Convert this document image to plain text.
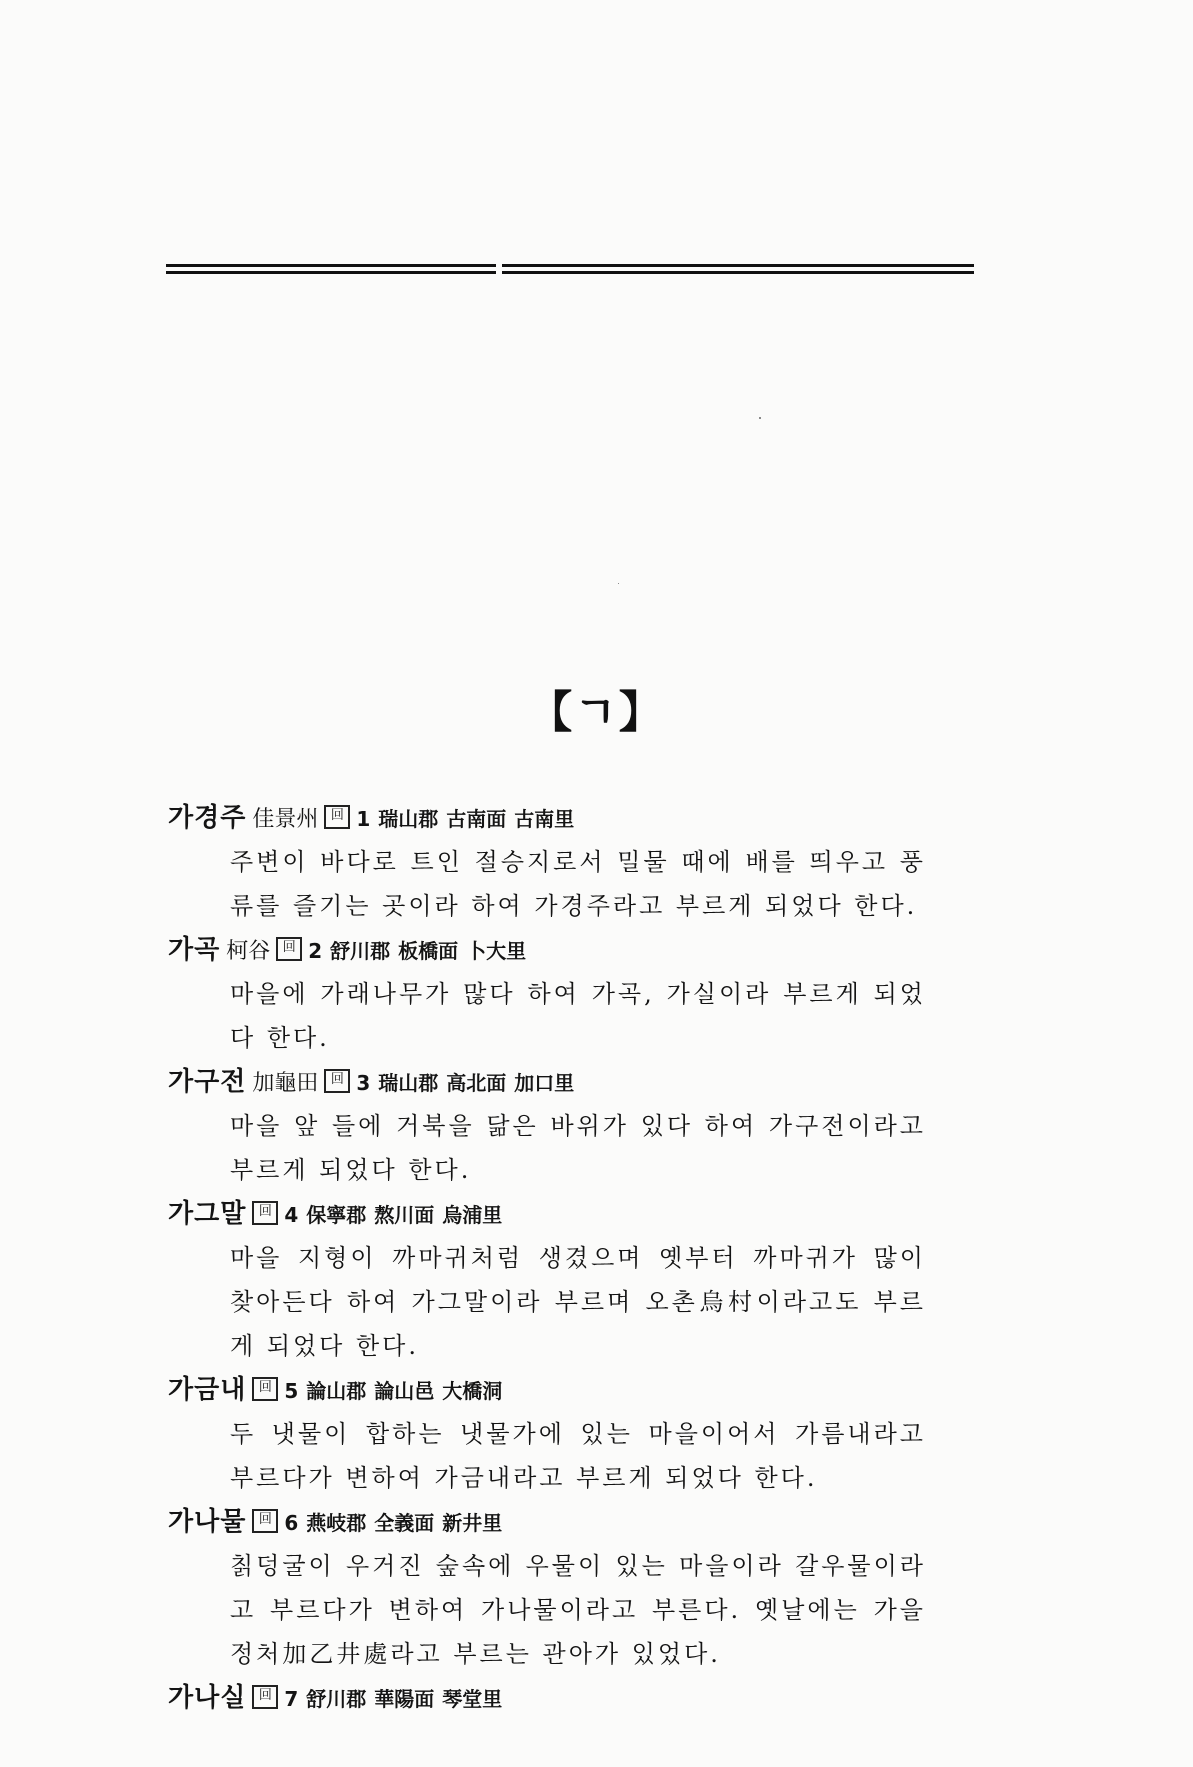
【ㄱ】
가경주 佳景州 回 1 瑞山郡 古南面 古南里

주변이 바다로 트인 절승지로서 밀물 때에 배를 띄우고 풍류를 즐기는 곳이라 하여 가경주라고 부르게 되었다 한다.

가곡 柯谷 回 2 舒川郡 板橋面 卜大里

마을에 가래나무가 많다 하여 가곡, 가실이라 부르게 되었다 한다.

가구전 加龜田 回 3 瑞山郡 高北面 加口里

마을 앞 들에 거북을 닮은 바위가 있다 하여 가구전이라고 부르게 되었다 한다.

가그말 回 4 保寧郡 熬川面 烏浦里

마을 지형이 까마귀처럼 생겼으며 옛부터 까마귀가 많이 찾아든다 하여 가그말이라 부르며 오촌烏村이라고도 부르게 되었다 한다.

가금내 回 5 論山郡 論山邑 大橋洞

두 냇물이 합하는 냇물가에 있는 마을이어서 가름내라고 부르다가 변하여 가금내라고 부르게 되었다 한다.

가나물 回 6 燕岐郡 全義面 新井里

칡덩굴이 우거진 숲속에 우물이 있는 마을이라 갈우물이라고 부르다가 변하여 가나물이라고 부른다. 옛날에는 가을정처加乙井處라고 부르는 관아가 있었다.

가나실 回 7 舒川郡 華陽面 琴堂里
